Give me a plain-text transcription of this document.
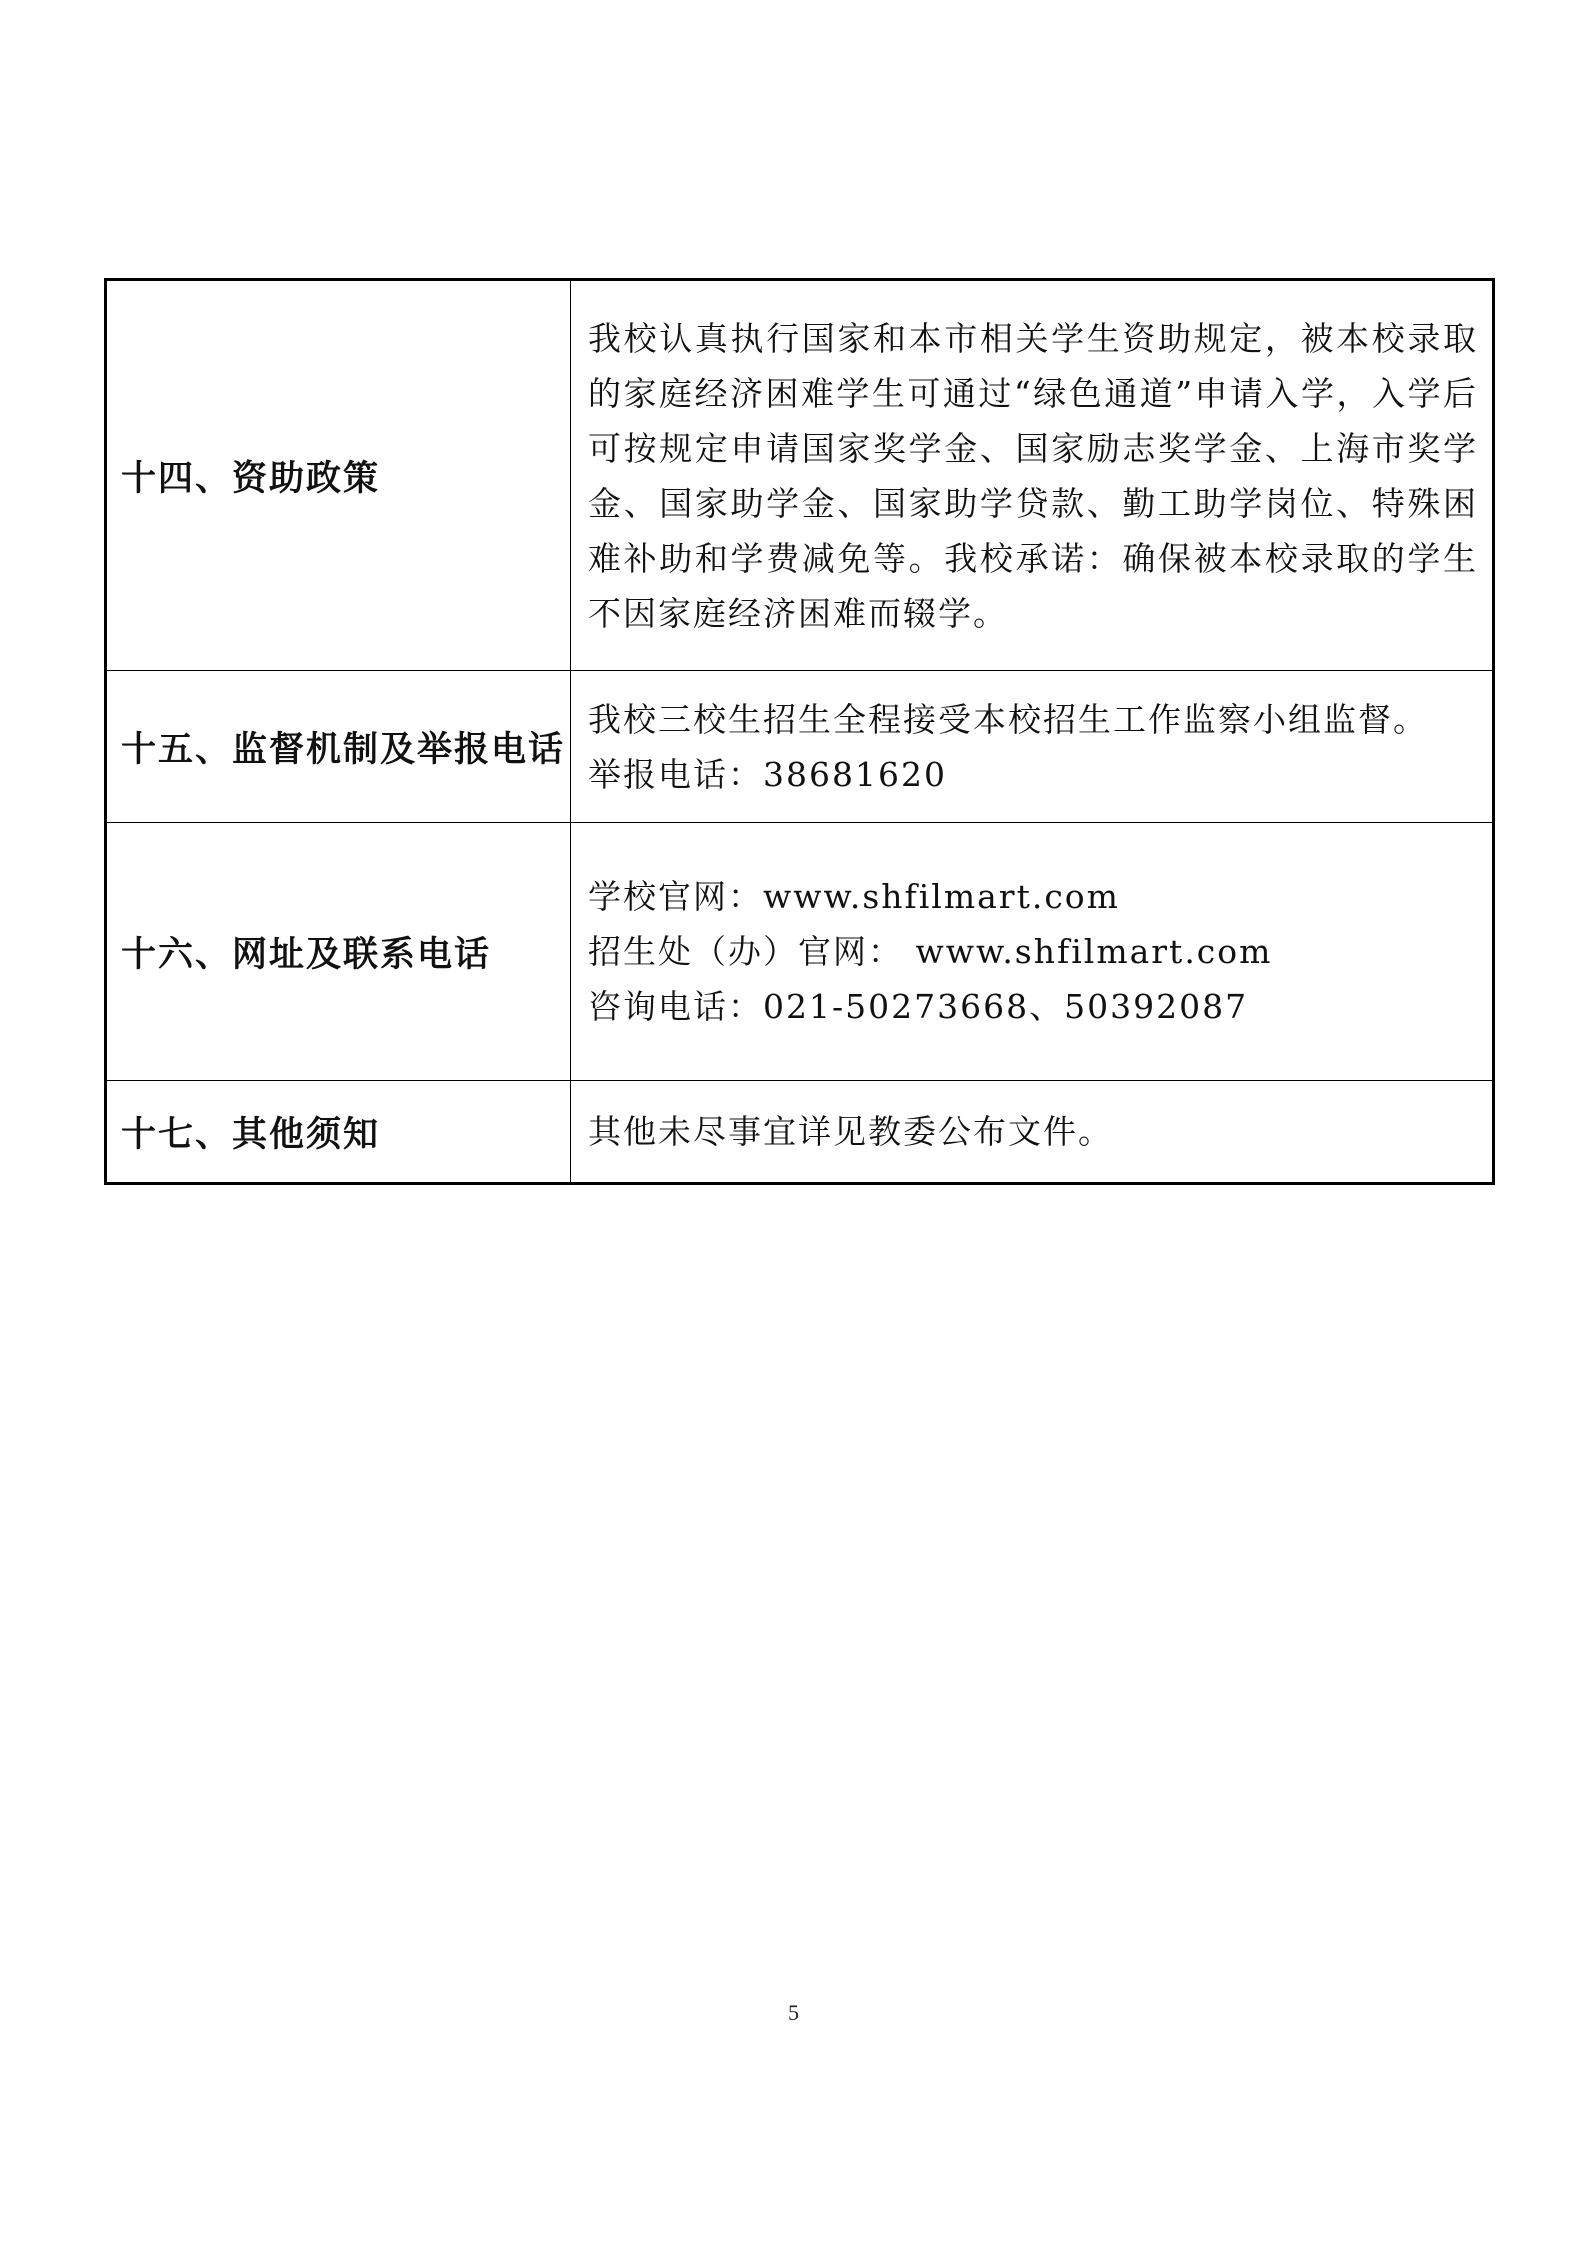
十四、资助政策	我校认真执行国家和本市相关学生资助规定，被本校录取的家庭经济困难学生可通过“绿色通道”申请入学，入学后可按规定申请国家奖学金、国家励志奖学金、上海市奖学金、国家助学金、国家助学贷款、勤工助学岗位、特殊困难补助和学费减免等。我校承诺：确保被本校录取的学生不因家庭经济困难而辍学。

十五、监督机制及举报电话	我校三校生招生全程接受本校招生工作监察小组监督。

举报电话：38681620

十六、网址及联系电话	学校官网：www.shfilmart.com

招生处（办）官网： www.shfilmart.com

咨询电话：021-50273668、50392087

十七、其他须知	其他未尽事宜详见教委公布文件。

5
